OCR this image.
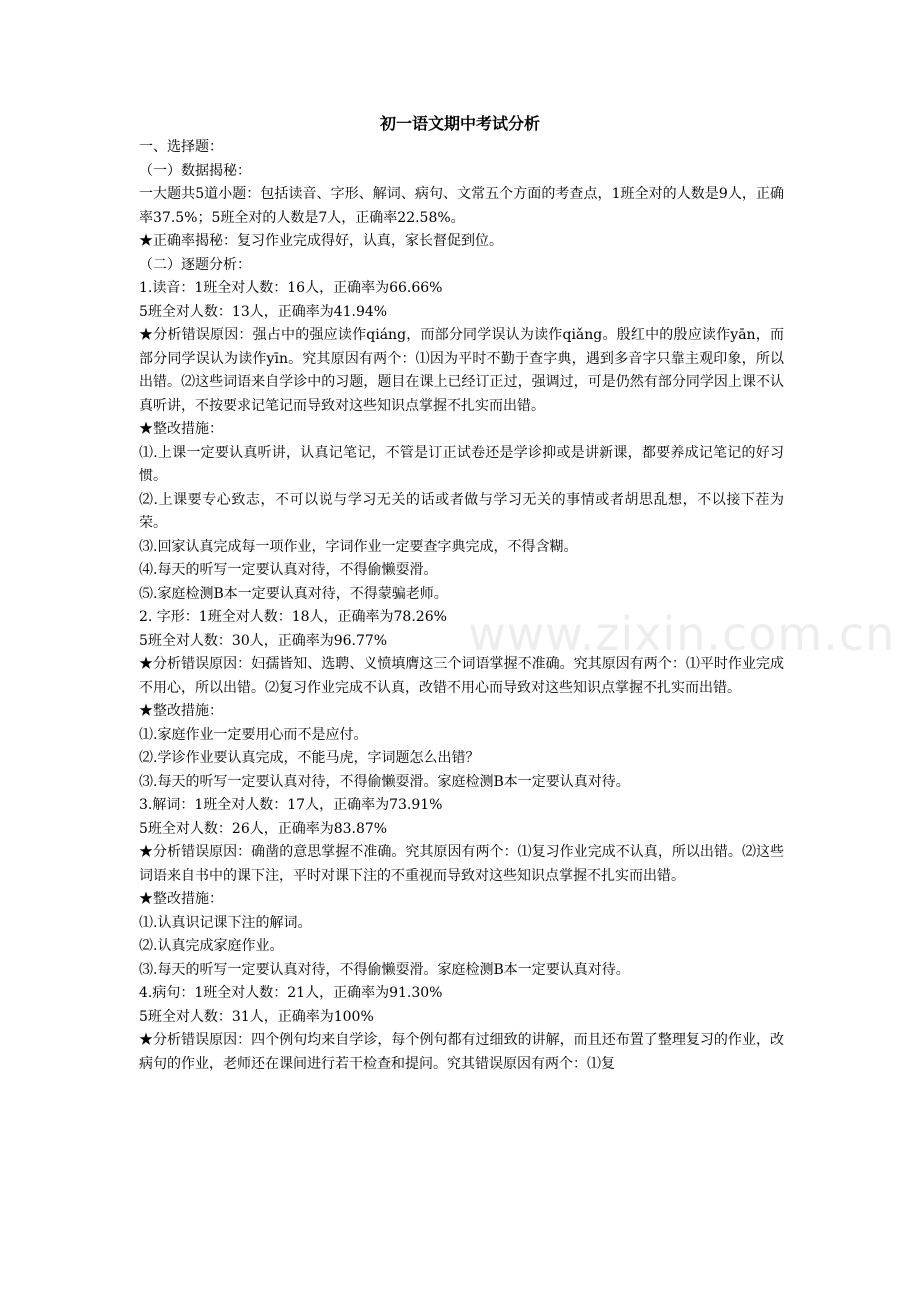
初一语文期中考试分析

一、选择题：

（一）数据揭秘：

一大题共5道小题：包括读音、字形、解词、病句、文常五个方面的考查点，1班全对的人数是9人，正确率37.5%；5班全对的人数是7人，正确率22.58%。

★正确率揭秘：复习作业完成得好，认真，家长督促到位。

（二）逐题分析：

1.读音：1班全对人数：16人，正确率为66.66%

5班全对人数：13人，正确率为41.94%

★分析错误原因：强占中的强应读作qiáng，而部分同学误认为读作qiǎng。殷红中的殷应读作yān，而部分同学误认为读作yīn。究其原因有两个：⑴因为平时不勤于查字典，遇到多音字只靠主观印象，所以出错。⑵这些词语来自学诊中的习题，题目在课上已经订正过，强调过，可是仍然有部分同学因上课不认真听讲，不按要求记笔记而导致对这些知识点掌握不扎实而出错。

★整改措施：

⑴.上课一定要认真听讲，认真记笔记，不管是订正试卷还是学诊抑或是讲新课，都要养成记笔记的好习惯。

⑵.上课要专心致志，不可以说与学习无关的话或者做与学习无关的事情或者胡思乱想，不以接下茬为荣。

⑶.回家认真完成每一项作业，字词作业一定要查字典完成，不得含糊。

⑷.每天的听写一定要认真对待，不得偷懒耍滑。

⑸.家庭检测B本一定要认真对待，不得蒙骗老师。

2. 字形：1班全对人数：18人，正确率为78.26%

5班全对人数：30人，正确率为96.77%

★分析错误原因：妇孺皆知、选聘、义愤填膺这三个词语掌握不准确。究其原因有两个：⑴平时作业完成不用心，所以出错。⑵复习作业完成不认真，改错不用心而导致对这些知识点掌握不扎实而出错。

★整改措施：

⑴.家庭作业一定要用心而不是应付。

⑵.学诊作业要认真完成，不能马虎，字词题怎么出错？

⑶.每天的听写一定要认真对待，不得偷懒耍滑。家庭检测B本一定要认真对待。

3.解词：1班全对人数：17人，正确率为73.91%

5班全对人数：26人，正确率为83.87%

★分析错误原因：确凿的意思掌握不准确。究其原因有两个：⑴复习作业完成不认真，所以出错。⑵这些词语来自书中的课下注，平时对课下注的不重视而导致对这些知识点掌握不扎实而出错。

★整改措施：

⑴.认真识记课下注的解词。

⑵.认真完成家庭作业。

⑶.每天的听写一定要认真对待，不得偷懒耍滑。家庭检测B本一定要认真对待。

4.病句：1班全对人数：21人，正确率为91.30%

5班全对人数：31人，正确率为100%

★分析错误原因：四个例句均来自学诊，每个例句都有过细致的讲解，而且还布置了整理复习的作业，改病句的作业，老师还在课间进行若干检查和提问。究其错误原因有两个：⑴复

www.zixin.com.cn
